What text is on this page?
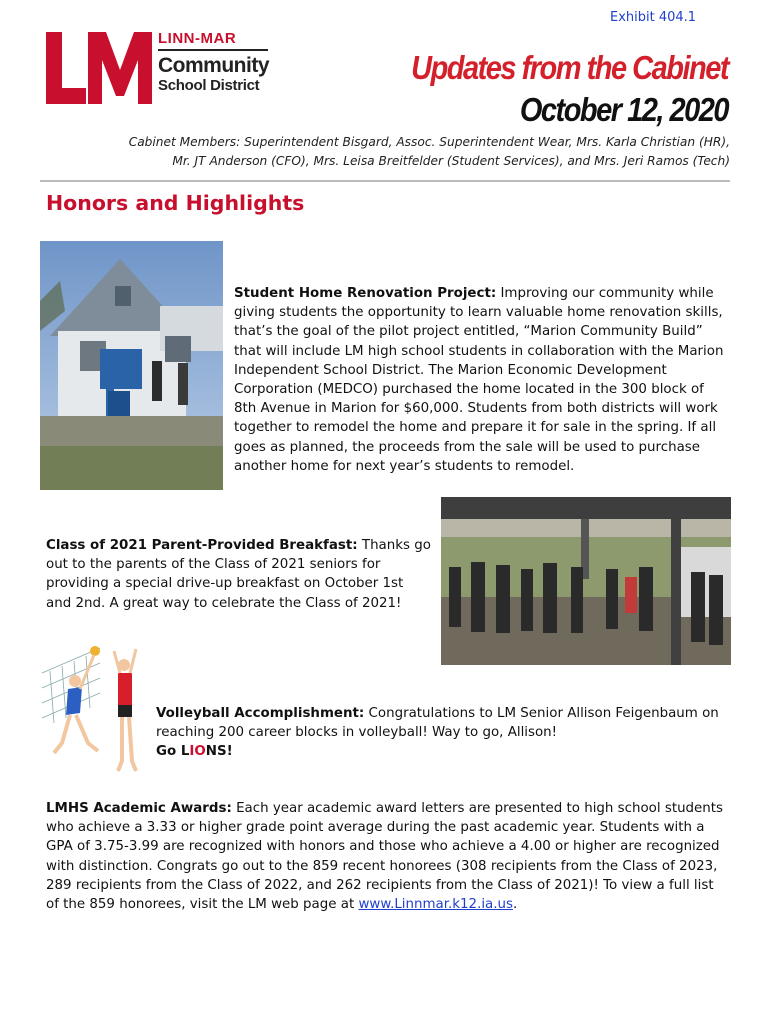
Exhibit 404.1
LINN-MAR
Community
School District	Updates from the Cabinet
October 12, 2020
Cabinet Members: Superintendent Bisgard, Assoc. Superintendent Wear, Mrs. Karla Christian (HR),
Mr. JT Anderson (CFO), Mrs. Leisa Breitfelder (Student Services), and Mrs. Jeri Ramos (Tech)
Honors and Highlights
Student Home Renovation Project: Improving our community while giving students the opportunity to learn valuable home renovation skills, that’s the goal of the pilot project entitled, “Marion Community Build” that will include LM high school students in collaboration with the Marion Independent School District. The Marion Economic Development Corporation (MEDCO) purchased the home located in the 300 block of 8th Avenue in Marion for $60,000. Students from both districts will work together to remodel the home and prepare it for sale in the spring. If all goes as planned, the proceeds from the sale will be used to purchase another home for next year’s students to remodel.
Class of 2021 Parent-Provided Breakfast: Thanks go out to the parents of the Class of 2021 seniors for providing a special drive-up breakfast on October 1st and 2nd. A great way to celebrate the Class of 2021!
Volleyball Accomplishment: Congratulations to LM Senior Allison Feigenbaum on reaching 200 career blocks in volleyball! Way to go, Allison!
Go LIONS!
LMHS Academic Awards: Each year academic award letters are presented to high school students who achieve a 3.33 or higher grade point average during the past academic year. Students with a GPA of 3.75-3.99 are recognized with honors and those who achieve a 4.00 or higher are recognized with distinction. Congrats go out to the 859 recent honorees (308 recipients from the Class of 2023, 289 recipients from the Class of 2022, and 262 recipients from the Class of 2021)! To view a full list of the 859 honorees, visit the LM web page at www.Linnmar.k12.ia.us.
